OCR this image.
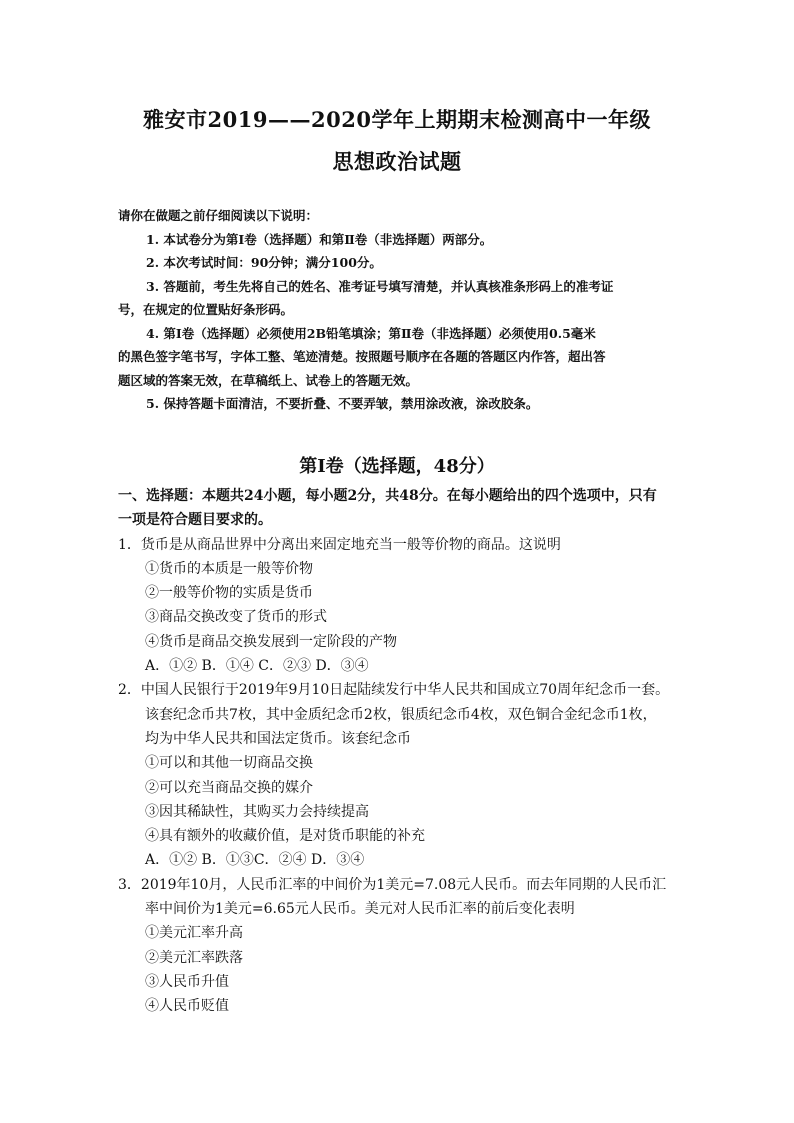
雅安市2019——2020学年上期期末检测高中一年级
思想政治试题
请你在做题之前仔细阅读以下说明：
1. 本试卷分为第Ⅰ卷（选择题）和第Ⅱ卷（非选择题）两部分。
2. 本次考试时间：90分钟；满分100分。
3. 答题前，考生先将自己的姓名、准考证号填写清楚，并认真核准条形码上的准考证
号，在规定的位置贴好条形码。
4. 第Ⅰ卷（选择题）必须使用2B铅笔填涂；第Ⅱ卷（非选择题）必须使用0.5毫米
的黑色签字笔书写，字体工整、笔迹清楚。按照题号顺序在各题的答题区内作答，超出答
题区域的答案无效，在草稿纸上、试卷上的答题无效。
5. 保持答题卡面清洁，不要折叠、不要弄皱，禁用涂改液，涂改胶条。
第Ⅰ卷（选择题，48分）
一、选择题：本题共24小题，每小题2分，共48分。在每小题给出的四个选项中，只有
一项是符合题目要求的。
1．货币是从商品世界中分离出来固定地充当一般等价物的商品。这说明
①货币的本质是一般等价物
②一般等价物的实质是货币
③商品交换改变了货币的形式
④货币是商品交换发展到一定阶段的产物
A．①② B．①④ C．②③ D．③④
2．中国人民银行于2019年9月10日起陆续发行中华人民共和国成立70周年纪念币一套。
该套纪念币共7枚，其中金质纪念币2枚，银质纪念币4枚，双色铜合金纪念币1枚，
均为中华人民共和国法定货币。该套纪念币
①可以和其他一切商品交换
②可以充当商品交换的媒介
③因其稀缺性，其购买力会持续提高
④具有额外的收藏价值，是对货币职能的补充
A．①② B．①③C．②④ D．③④
3．2019年10月，人民币汇率的中间价为1美元=7.08元人民币。而去年同期的人民币汇
率中间价为1美元=6.65元人民币。美元对人民币汇率的前后变化表明
①美元汇率升高
②美元汇率跌落
③人民币升值
④人民币贬值
